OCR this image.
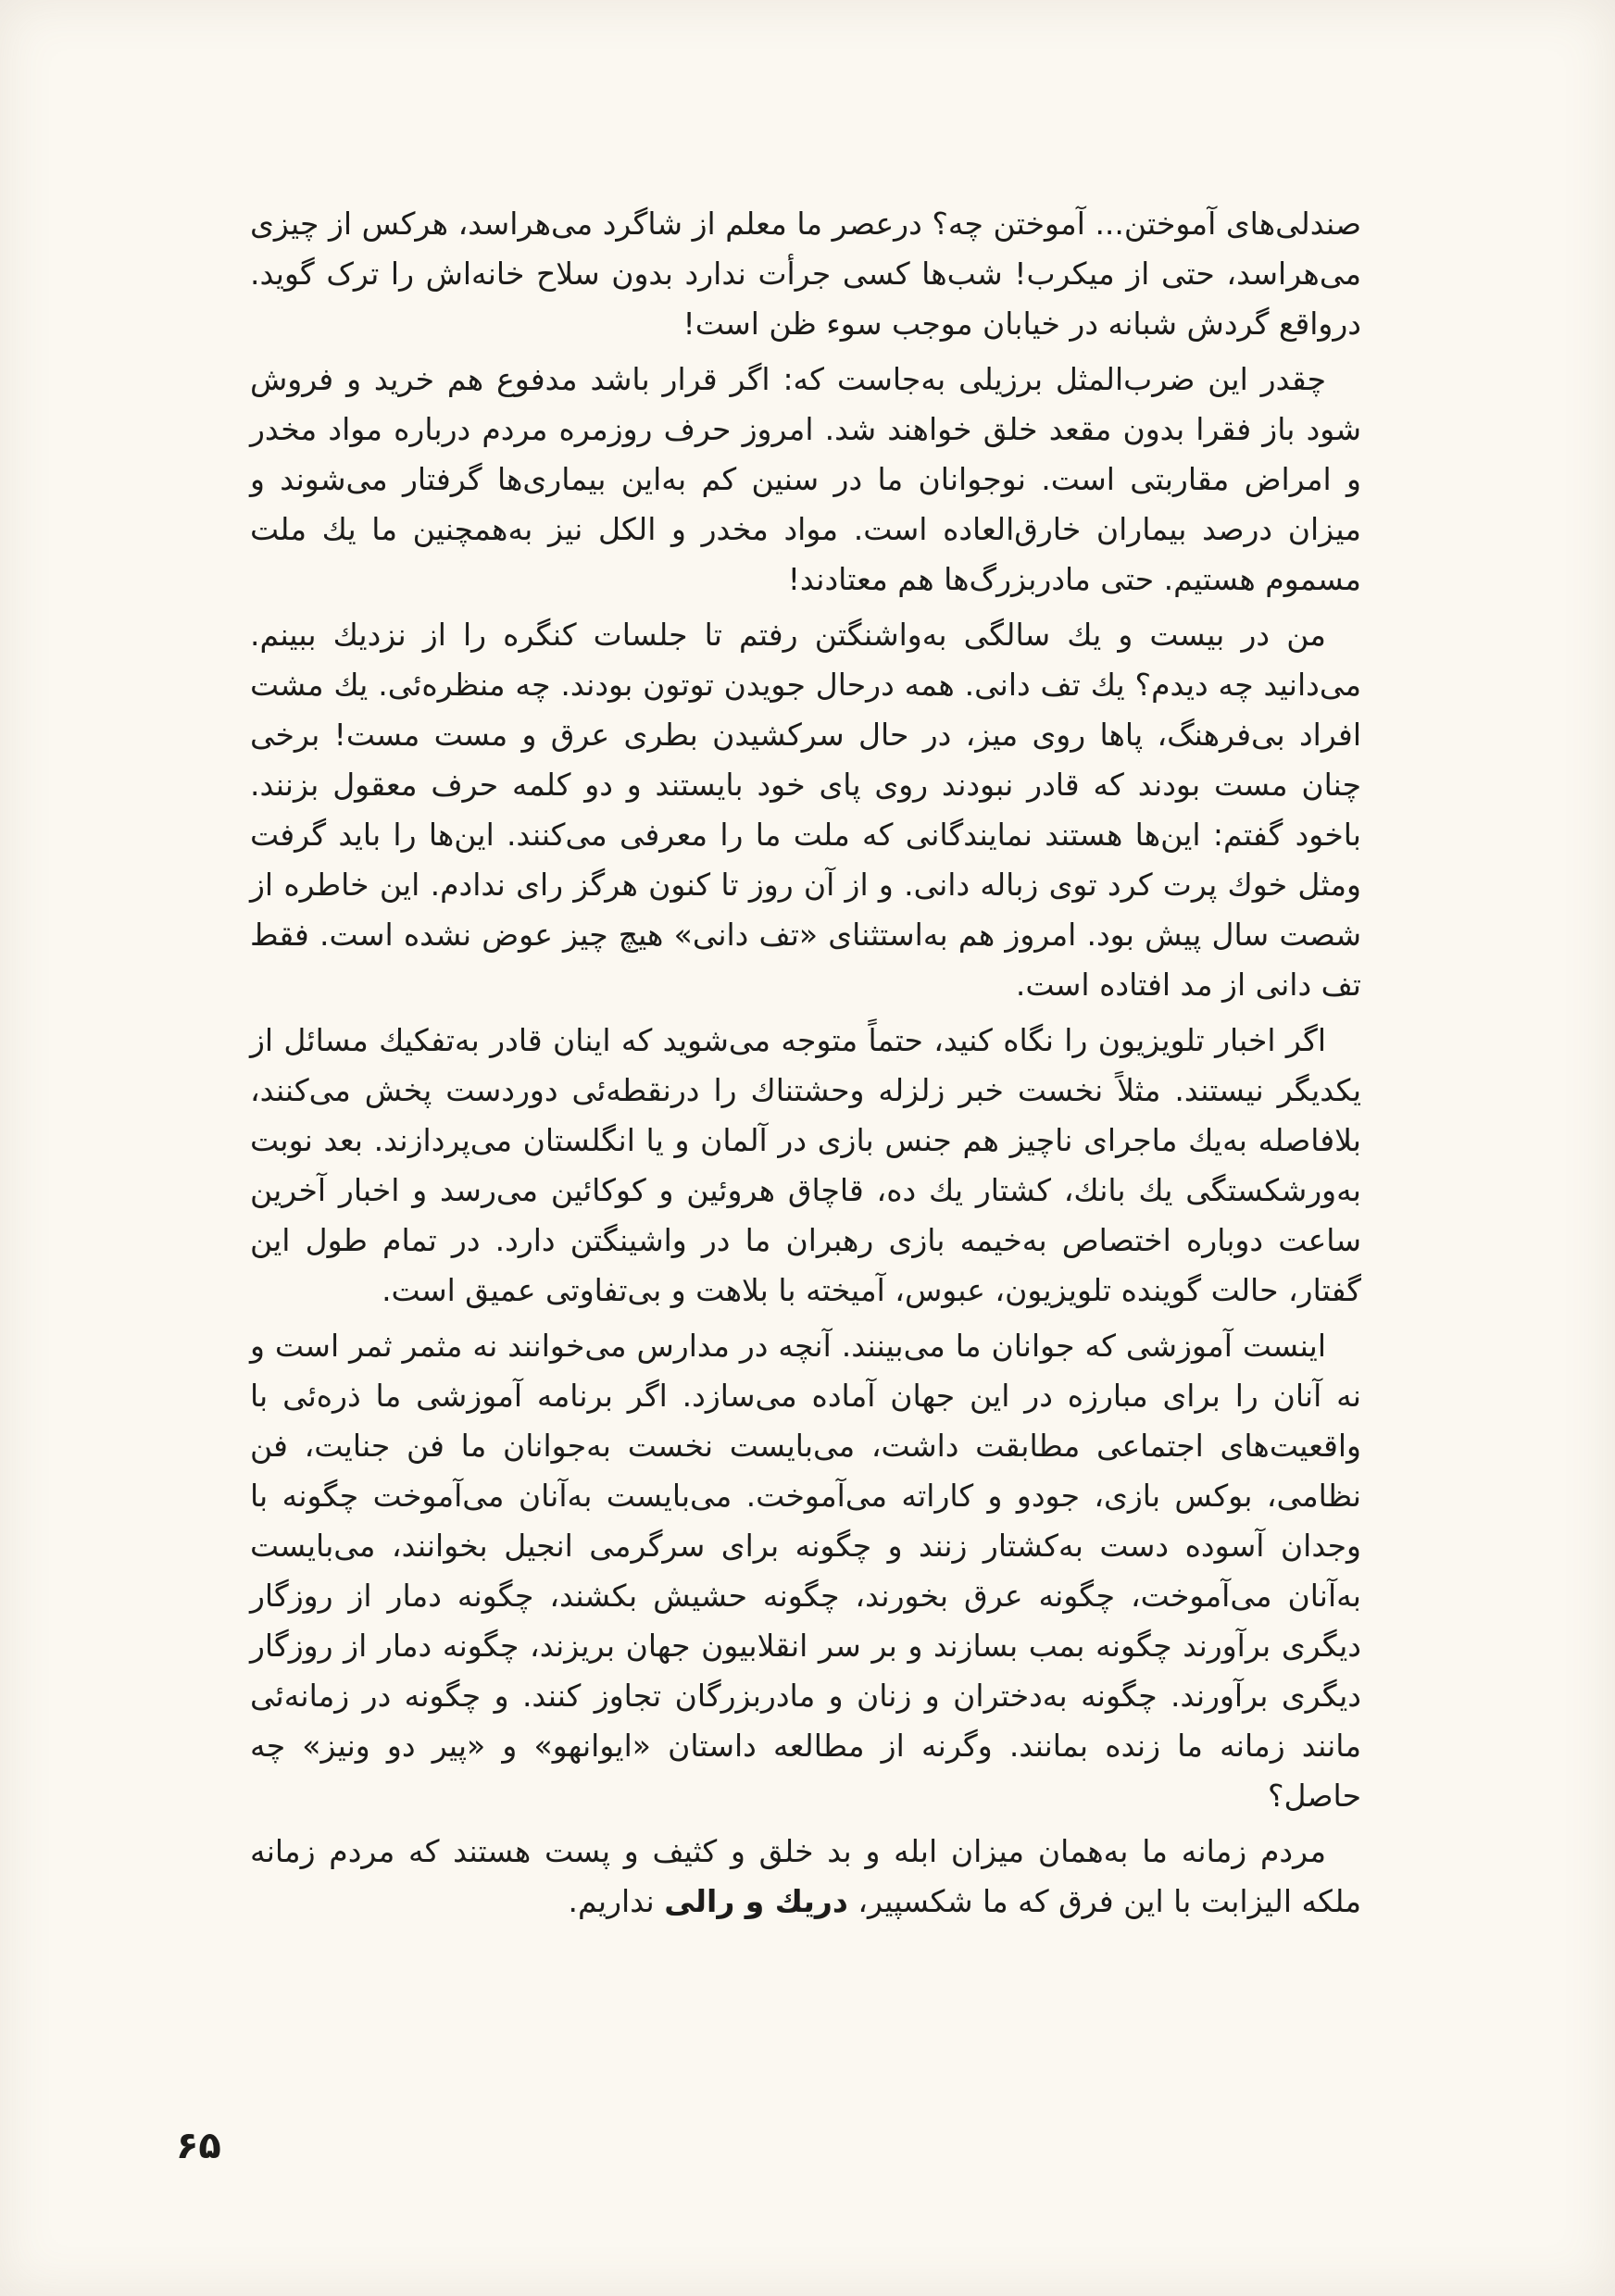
صندلی‌های آموختن... آموختن چه؟ درعصر ما معلم از شاگرد می‌هراسد، هرکس از چیزی می‌هراسد، حتی از میکرب! شب‌ها کسی جرأت ندارد بدون سلاح خانه‌اش را ترک گوید. درواقع گردش شبانه در خیابان موجب سوء ظن است!

چقدر این ضرب‌المثل برزیلی به‌جاست که: اگر قرار باشد مدفوع هم خرید و فروش شود باز فقرا بدون مقعد خلق خواهند شد. امروز حرف روزمره مردم درباره مواد مخدر و امراض مقاربتی است. نوجوانان ما در سنین کم به‌این بیماری‌ها گرفتار می‌شوند و میزان درصد بیماران خارق‌العاده است. مواد مخدر و الکل نیز به‌همچنین ما یك ملت مسموم هستیم. حتی مادربزرگ‌ها هم معتادند!

من در بیست و یك سالگی به‌واشنگتن رفتم تا جلسات کنگره را از نزدیك ببینم. می‌دانید چه دیدم؟ یك تف دانی. همه درحال جویدن توتون بودند. چه منظره‌ئی. یك مشت افراد بی‌فرهنگ، پاها روی میز، در حال سرکشیدن بطری عرق و مست مست! برخی چنان مست بودند که قادر نبودند روی پای خود بایستند و دو کلمه حرف معقول بزنند. باخود گفتم: این‌ها هستند نمایندگانی که ملت ما را معرفی می‌کنند. این‌ها را باید گرفت ومثل خوك پرت کرد توی زباله دانی. و از آن روز تا کنون هرگز رای ندادم. این خاطره از شصت سال پیش بود. امروز هم به‌استثنای «تف دانی» هیچ چیز عوض نشده است. فقط تف دانی از مد افتاده است.

اگر اخبار تلویزیون را نگاه کنید، حتماً متوجه می‌شوید که اینان قادر به‌تفکیك مسائل از یکدیگر نیستند. مثلاً نخست خبر زلزله وحشتناك را درنقطه‌ئی دوردست پخش می‌کنند، بلافاصله به‌یك ماجرای ناچیز هم جنس بازی در آلمان و یا انگلستان می‌پردازند. بعد نوبت به‌ورشکستگی یك بانك، کشتار یك ده، قاچاق هروئین و کوکائین می‌رسد و اخبار آخرین ساعت دوباره اختصاص به‌خیمه بازی رهبران ما در واشینگتن دارد. در تمام طول این گفتار، حالت گوینده تلویزیون، عبوس، آمیخته با بلاهت و بی‌تفاوتی عمیق است.

اینست آموزشی که جوانان ما می‌بینند. آنچه در مدارس می‌خوانند نه مثمر ثمر است و نه آنان را برای مبارزه در این جهان آماده می‌سازد. اگر برنامه آموزشی ما ذره‌ئی با واقعیت‌های اجتماعی مطابقت داشت، می‌بایست نخست به‌جوانان ما فن جنایت، فن نظامی، بوکس بازی، جودو و کاراته می‌آموخت. می‌بایست به‌آنان می‌آموخت چگونه با وجدان آسوده دست به‌کشتار زنند و چگونه برای سرگرمی انجیل بخوانند، می‌بایست به‌آنان می‌آموخت، چگونه عرق بخورند، چگونه حشیش بکشند، چگونه دمار از روزگار دیگری برآورند چگونه بمب بسازند و بر سر انقلابیون جهان بریزند، چگونه دمار از روزگار دیگری برآورند. چگونه به‌دختران و زنان و مادربزرگان تجاوز کنند. و چگونه در زمانه‌ئی مانند زمانه ما زنده بمانند. وگرنه از مطالعه داستان «ایوانهو» و «پیر دو ونیز» چه حاصل؟

مردم زمانه ما به‌همان میزان ابله و بد خلق و کثیف و پست هستند که مردم زمانه ملکه الیزابت با این فرق که ما شکسپیر، دریك و رالی نداریم.

۶۵
